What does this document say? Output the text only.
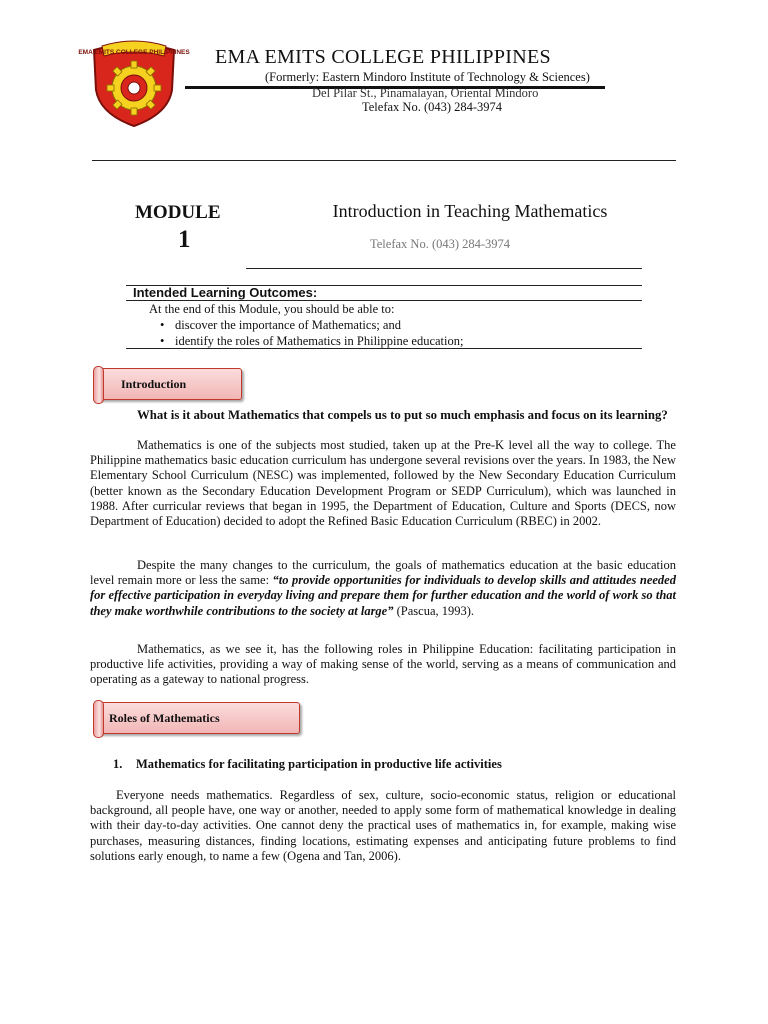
EMA EMITS COLLEGE PHILIPPINES EMA EMITS COLLEGE PHILIPPINES
(Formerly: Eastern Mindoro Institute of Technology & Sciences)
Del Pilar St., Pinamalayan, Oriental Mindoro
Telefax No. (043) 284-3974
MODULE
1	Telefax No. (043) 284-3974
Introduction in Teaching Mathematics
Intended Learning Outcomes:
At the end of this Module, you should be able to:
• discover the importance of Mathematics; and
• identify the roles of Mathematics in Philippine education;
Introduction
What is it about Mathematics that compels us to put so much emphasis and focus on its learning?
Mathematics is one of the subjects most studied, taken up at the Pre-K level all the way to college. The Philippine mathematics basic education curriculum has undergone several revisions over the years. In 1983, the New Elementary School Curriculum (NESC) was implemented, followed by the New Secondary Education Curriculum (better known as the Secondary Education Development Program or SEDP Curriculum), which was launched in 1988. After curricular reviews that began in 1995, the Department of Education, Culture and Sports (DECS, now Department of Education) decided to adopt the Refined Basic Education Curriculum (RBEC) in 2002.
Despite the many changes to the curriculum, the goals of mathematics education at the basic education level remain more or less the same: “to provide opportunities for individuals to develop skills and attitudes needed for effective participation in everyday living and prepare them for further education and the world of work so that they make worthwhile contributions to the society at large” (Pascua, 1993).
Mathematics, as we see it, has the following roles in Philippine Education: facilitating participation in productive life activities, providing a way of making sense of the world, serving as a means of communication and operating as a gateway to national progress.
Roles of Mathematics
1. Mathematics for facilitating participation in productive life activities
Everyone needs mathematics. Regardless of sex, culture, socio-economic status, religion or educational background, all people have, one way or another, needed to apply some form of mathematical knowledge in dealing with their day-to-day activities. One cannot deny the practical uses of mathematics in, for example, making wise purchases, measuring distances, finding locations, estimating expenses and anticipating future problems to find solutions early enough, to name a few (Ogena and Tan, 2006).
